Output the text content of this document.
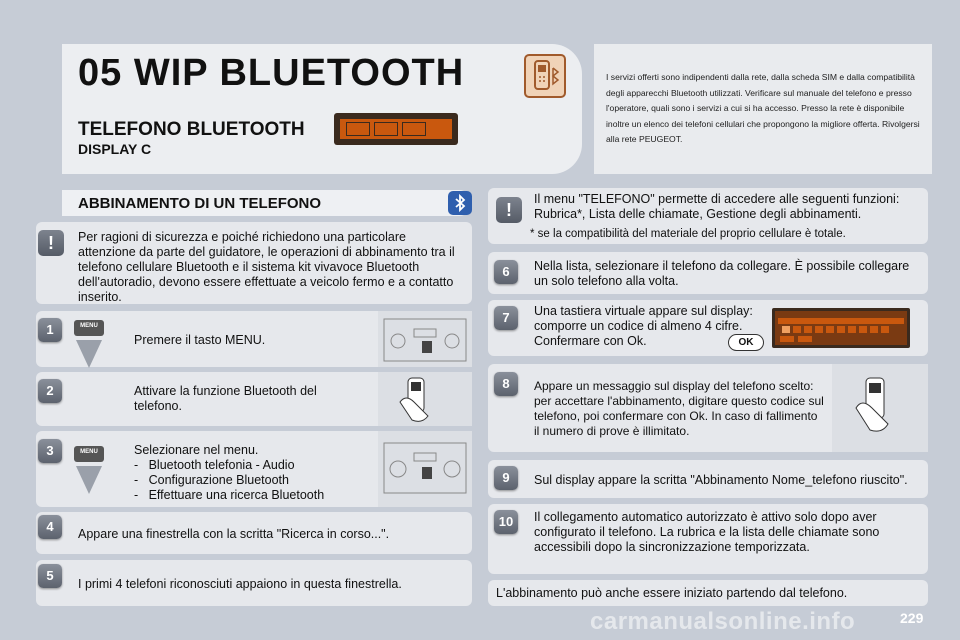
05 WIP BLUETOOTH
TELEFONO BLUETOOTH
DISPLAY C
I servizi offerti sono indipendenti dalla rete, dalla scheda SIM e dalla compatibilità degli apparecchi Bluetooth utilizzati. Verificare sul manuale del telefono e presso l'operatore, quali sono i servizi a cui si ha accesso. Presso la rete è disponibile inoltre un elenco dei telefoni cellulari che propongono la migliore offerta. Rivolgersi alla rete PEUGEOT.
ABBINAMENTO DI UN TELEFONO
!	Per ragioni di sicurezza e poiché richiedono una particolare attenzione da parte del guidatore, le operazioni di abbinamento tra il telefono cellulare Bluetooth e il sistema kit vivavoce Bluetooth dell'autoradio, devono essere effettuate a veicolo fermo e a contatto inserito.
1	MENU
Premere il tasto MENU.
2	Attivare la funzione Bluetooth del telefono.
3	MENU	Selezionare nel menu.
- Bluetooth telefonia - Audio
- Configurazione Bluetooth
- Effettuare una ricerca Bluetooth
4	Appare una finestrella con la scritta "Ricerca in corso...".
5
I primi 4 telefoni riconosciuti appaiono in questa finestrella.
!
Il menu "TELEFONO" permette di accedere alle seguenti funzioni: Rubrica*, Lista delle chiamate, Gestione degli abbinamenti.
* se la compatibilità del materiale del proprio cellulare è totale.
6	Nella lista, selezionare il telefono da collegare. È possibile collegare un solo telefono alla volta.
7	Una tastiera virtuale appare sul display: comporre un codice di almeno 4 cifre. Confermare con Ok.	OK
8	Appare un messaggio sul display del telefono scelto: per accettare l'abbinamento, digitare questo codice sul telefono, poi confermare con Ok. In caso di fallimento il numero di prove è illimitato.
9	Sul display appare la scritta "Abbinamento Nome_telefono riuscito".
10	Il collegamento automatico autorizzato è attivo solo dopo aver configurato il telefono. La rubrica e la lista delle chiamate sono accessibili dopo la sincronizzazione temporizzata.
L'abbinamento può anche essere iniziato partendo dal telefono.
carmanualsonline.info	229
